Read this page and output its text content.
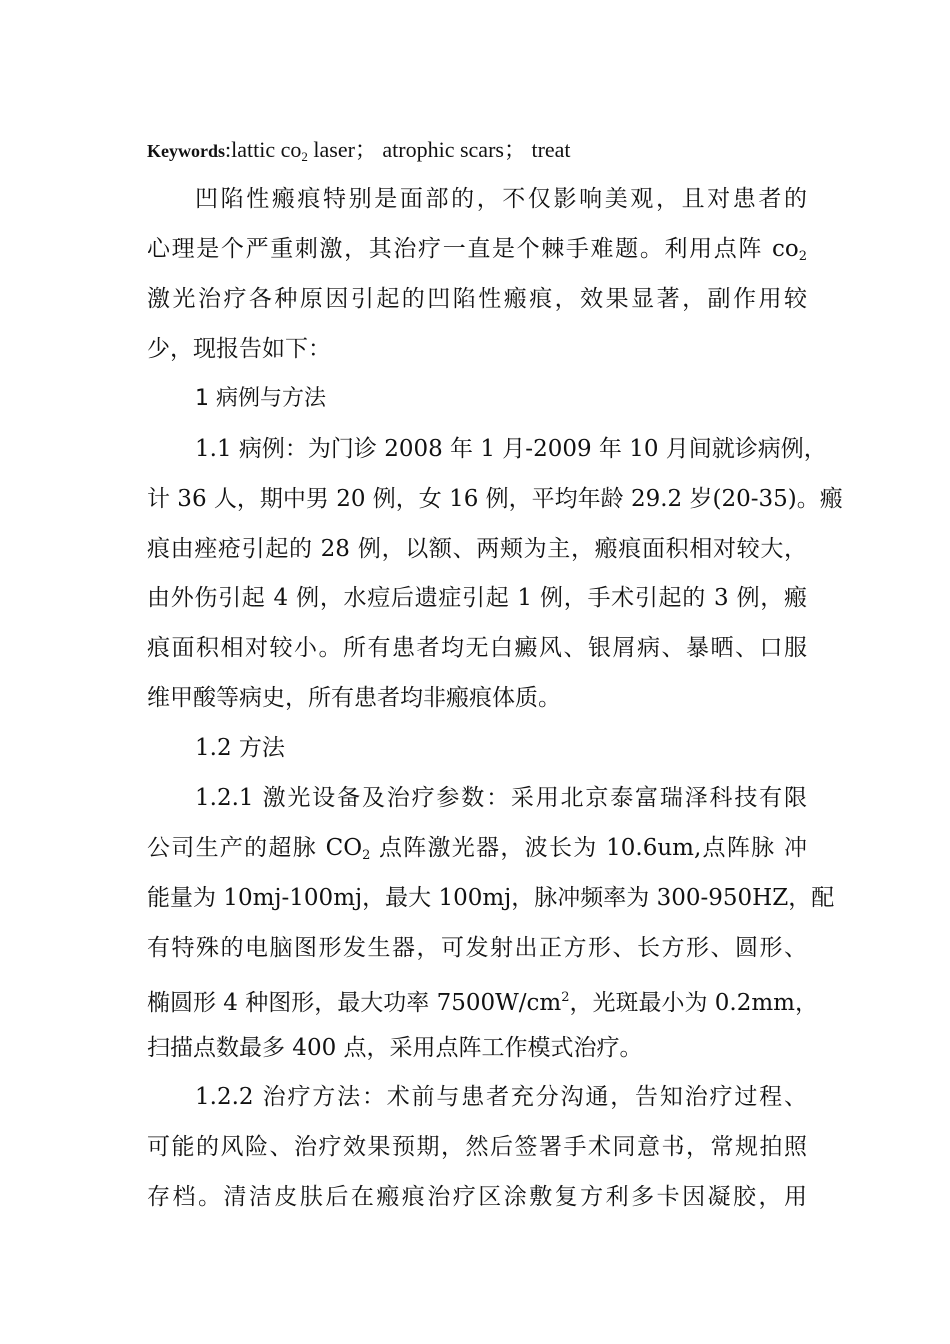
Keywords:lattic $co_2$ laser； atrophic scars； treat
凹陷性瘢痕特别是面部的，不仅影响美观，且对患者的
心理是个严重刺激，其治疗一直是个棘手难题。利用点阵 $co_2$
激光治疗各种原因引起的凹陷性瘢痕，效果显著，副作用较
少，现报告如下：
1 病例与方法
1.1 病例：为门诊 2008 年 1 月-2009 年 10 月间就诊病例，
计 36 人，期中男 20 例，女 16 例，平均年龄 29.2 岁(20-35)。瘢
痕由痤疮引起的 28 例，以额、两颊为主，瘢痕面积相对较大，
由外伤引起 4 例，水痘后遗症引起 1 例，手术引起的 3 例，瘢
痕面积相对较小。所有患者均无白癜风、银屑病、暴晒、口服
维甲酸等病史，所有患者均非瘢痕体质。
1.2 方法
1.2.1 激光设备及治疗参数：采用北京泰富瑞泽科技有限
公司生产的超脉 $CO_2$ 点阵激光器，波长为 10.6um,点阵脉 冲
能量为 10mj-100mj，最大 100mj，脉冲频率为 300-950HZ，配
有特殊的电脑图形发生器，可发射出正方形、长方形、圆形、
椭圆形 4 种图形，最大功率 $7500W/cm^2$，光斑最小为 0.2mm，
扫描点数最多 400 点，采用点阵工作模式治疗。
1.2.2 治疗方法：术前与患者充分沟通，告知治疗过程、
可能的风险、治疗效果预期，然后签署手术同意书，常规拍照
存档。清洁皮肤后在瘢痕治疗区涂敷复方利多卡因凝胶，用
